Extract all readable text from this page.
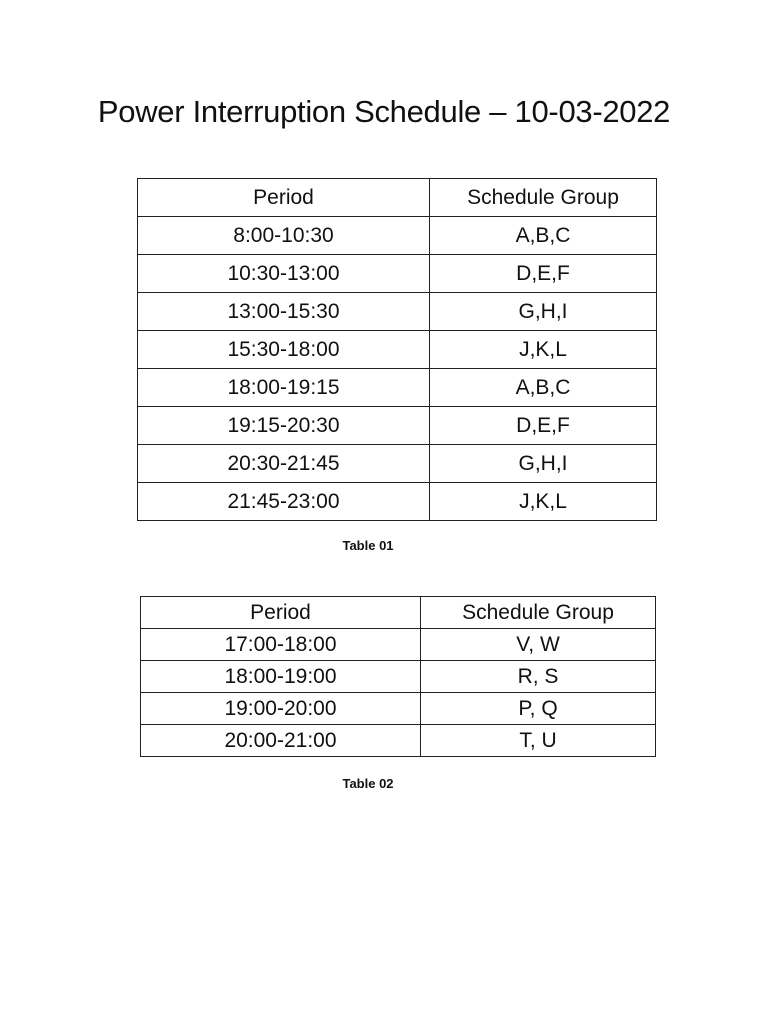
Power Interruption Schedule – 10-03-2022
Period	Schedule Group
8:00-10:30	A,B,C
10:30-13:00	D,E,F
13:00-15:30	G,H,I
15:30-18:00	J,K,L
18:00-19:15	A,B,C
19:15-20:30	D,E,F
20:30-21:45	G,H,I
21:45-23:00	J,K,L
Table 01
Period	Schedule Group
17:00-18:00	V, W
18:00-19:00	R, S
19:00-20:00	P, Q
20:00-21:00	T, U
Table 02
